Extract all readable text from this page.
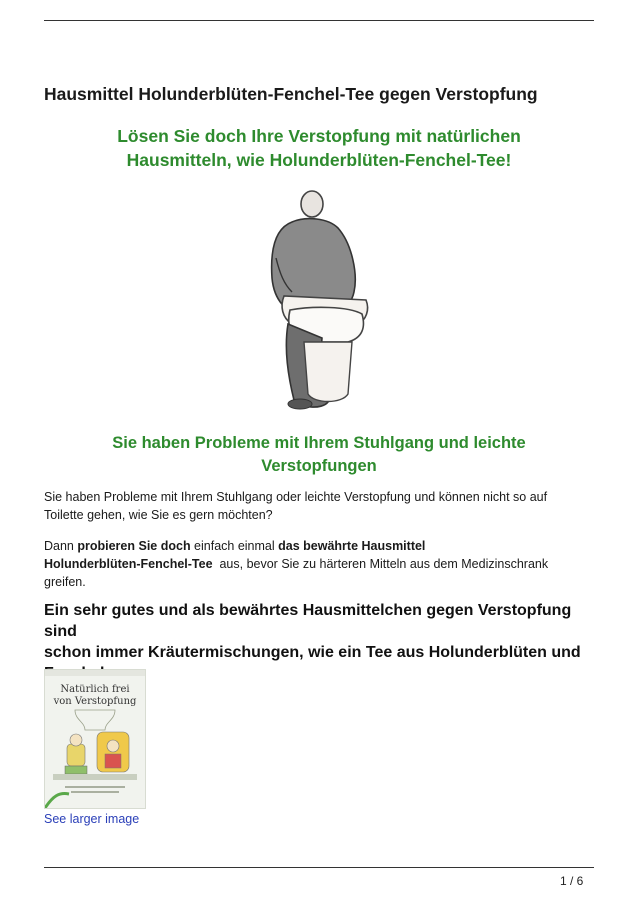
Hausmittel Holunderblüten-Fenchel-Tee gegen Verstopfung
Lösen Sie doch Ihre Verstopfung mit natürlichen
Hausmitteln, wie Holunderblüten-Fenchel-Tee!
Sie haben Probleme mit Ihrem Stuhlgang und leichte
Verstopfungen
Sie haben Probleme mit Ihrem Stuhlgang oder leichte Verstopfung und können nicht so auf
Toilette gehen, wie Sie es gern möchten?
Dann probieren Sie doch einfach einmal das bewährte Hausmittel
Holunderblüten-Fenchel-Tee  aus, bevor Sie zu härteren Mitteln aus dem Medizinschrank
greifen.
Ein sehr gutes und als bewährtes Hausmittelchen gegen Verstopfung sind
schon immer Kräutermischungen, wie ein Tee aus Holunderblüten und
Natürlich frei
von Verstopfung
See larger image
1 / 6
